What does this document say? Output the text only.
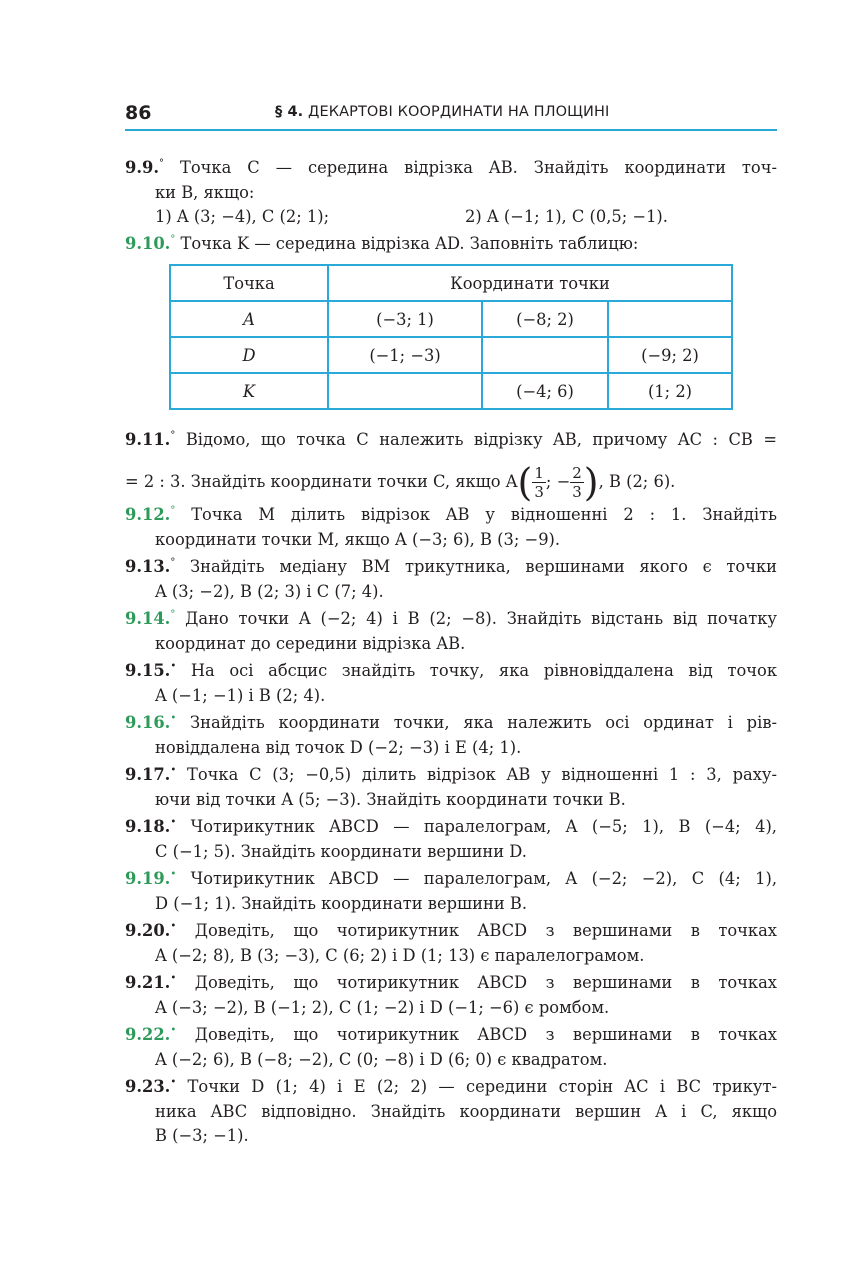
86	§ 4. ДЕКАРТОВІ КООРДИНАТИ НА ПЛОЩИНІ
9.9.° Точка C — середина відрізка AB. Знайдіть координати точ-
ки B, якщо:
1) A (3; −4), C (2; 1);	2) A (−1; 1), C (0,5; −1).
9.10.° Точка K — середина відрізка AD. Заповніть таблицю:
Точка	Координати точки		
A	(−3; 1)	(−8; 2)	
D	(−1; −3)		(−9; 2)
K		(−4; 6)	(1; 2)
9.11.° Відомо, що точка C належить відрізку AB, причому AC : CB =
= 2 : 3. Знайдіть координати точки C, якщо $A( \frac{1}{3}$ ; − $\frac{2}{3}$ ), B (2; 6).
9.12.° Точка M ділить відрізок AB у відношенні 2 : 1. Знайдіть
координати точки M, якщо A (−3; 6), B (3; −9).
9.13.° Знайдіть медіану BM трикутника, вершинами якого є точки
A (3; −2), B (2; 3) і C (7; 4).
9.14.° Дано точки A (−2; 4) і B (2; −8). Знайдіть відстань від початку
координат до середини відрізка AB.
9.15.• На осі абсцис знайдіть точку, яка рівновіддалена від точок
A (−1; −1) і B (2; 4).
9.16.• Знайдіть координати точки, яка належить осі ординат і рів-
новіддалена від точок D (−2; −3) і E (4; 1).
9.17.• Точка C (3; −0,5) ділить відрізок AB у відношенні 1 : 3, раху-
ючи від точки A (5; −3). Знайдіть координати точки B.
9.18.• Чотирикутник ABCD — паралелограм, A (−5; 1), B (−4; 4),
C (−1; 5). Знайдіть координати вершини D.
9.19.• Чотирикутник ABCD — паралелограм, A (−2; −2), C (4; 1),
D (−1; 1). Знайдіть координати вершини B.
9.20.• Доведіть, що чотирикутник ABCD з вершинами в точках
A (−2; 8), B (3; −3), C (6; 2) і D (1; 13) є паралелограмом.
9.21.• Доведіть, що чотирикутник ABCD з вершинами в точках
A (−3; −2), B (−1; 2), C (1; −2) і D (−1; −6) є ромбом.
9.22.• Доведіть, що чотирикутник ABCD з вершинами в точках
A (−2; 6), B (−8; −2), C (0; −8) і D (6; 0) є квадратом.
9.23.• Точки D (1; 4) і E (2; 2) — середини сторін AC і BC трикут-
ника ABC відповідно. Знайдіть координати вершин A і C, якщо
B (−3; −1).
